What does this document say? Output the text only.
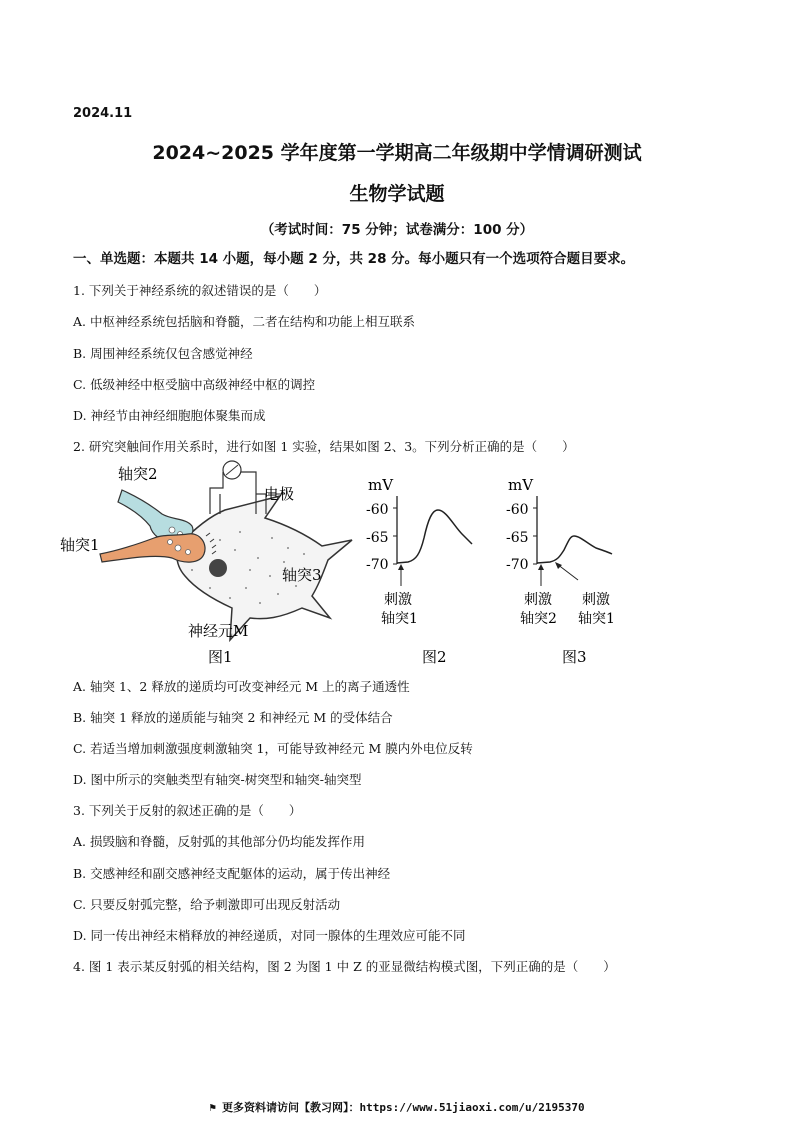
2024.11
2024~2025 学年度第一学期高二年级期中学情调研测试
生物学试题
（考试时间：75 分钟；试卷满分：100 分）
一、单选题：本题共 14 小题，每小题 2 分，共 28 分。每小题只有一个选项符合题目要求。
1. 下列关于神经系统的叙述错误的是（　　）
A. 中枢神经系统包括脑和脊髓，二者在结构和功能上相互联系
B. 周围神经系统仅包含感觉神经
C. 低级神经中枢受脑中高级神经中枢的调控
D. 神经节由神经细胞胞体聚集而成
2. 研究突触间作用关系时，进行如图 1 实验，结果如图 2、3。下列分析正确的是（　　）
轴突2
轴突1
轴突3
电极
神经元M
图1
mV
-60
-65
-70
刺激
轴突1
图2
mV
-60
-65
-70
刺激
轴突2
刺激
轴突1
图3
A. 轴突 1、2 释放的递质均可改变神经元 M 上的离子通透性
B. 轴突 1 释放的递质能与轴突 2 和神经元 M 的受体结合
C. 若适当增加刺激强度刺激轴突 1，可能导致神经元 M 膜内外电位反转
D. 图中所示的突触类型有轴突-树突型和轴突-轴突型
3. 下列关于反射的叙述正确的是（　　）
A. 损毁脑和脊髓，反射弧的其他部分仍均能发挥作用
B. 交感神经和副交感神经支配躯体的运动，属于传出神经
C. 只要反射弧完整，给予刺激即可出现反射活动
D. 同一传出神经末梢释放的神经递质，对同一腺体的生理效应可能不同
4. 图 1 表示某反射弧的相关结构，图 2 为图 1 中 Z 的亚显微结构模式图，下列正确的是（　　）
⚑ 更多资料请访问【教习网】：https://www.51jiaoxi.com/u/2195370
